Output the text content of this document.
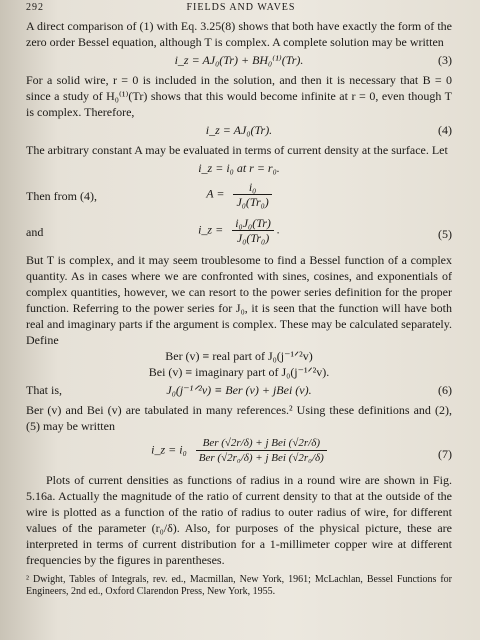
292	FIELDS AND WAVES

A direct comparison of (1) with Eq. 3.25(8) shows that both have exactly the form of the zero order Bessel equation, although T is complex. A complete solution may be written

i_z = AJ₀(Tr) + BH₀⁽¹⁾(Tr).	(3)

For a solid wire, r = 0 is included in the solution, and then it is necessary that B = 0 since a study of H₀⁽¹⁾(Tr) shows that this would become infinite at r = 0, even though T is complex. Therefore,

i_z = AJ₀(Tr).	(4)

The arbitrary constant A may be evaluated in terms of current density at the surface. Let

i_z = i₀ at r = r₀.
Then from (4),	$A = \frac{\text{i₀}}{\text{J₀(Tr₀)}}$
and	i_z = $\frac{\text{i₀J₀(Tr)}}{\text{J₀(Tr₀)}}$ .	(5)

But T is complex, and it may seem troublesome to find a Bessel function of a complex quantity. As in cases where we are confronted with sines, cosines, and exponentials of complex quantities, however, we can resort to the power series definition for the proper function. Referring to the power series for J₀, it is seen that the function will have both real and imaginary parts if the argument is complex. These may be calculated separately. Define

Ber (v) ≡ real part of J₀(j⁻¹ᐟ²v)
Bei (v) ≡ imaginary part of J₀(j⁻¹ᐟ²v).
That is,	J₀(j⁻¹ᐟ²v) ≡ Ber (v) + jBei (v).	(6)

Ber (v) and Bei (v) are tabulated in many references.² Using these definitions and (2), (5) may be written

i_z = $i_0 \frac{\text{Ber (√2r/δ) + j Bei (√2r/δ)}}{\text{Ber (√2r₀/δ) + j Bei (√2r₀/δ)}}$	(7)

Plots of current densities as functions of radius in a round wire are shown in Fig. 5.16a. Actually the magnitude of the ratio of current density to that at the outside of the wire is plotted as a function of the ratio of radius to outer radius of wire, for different values of the parameter (r₀/δ). Also, for purposes of the physical picture, these are interpreted in terms of current distribution for a 1-millimeter copper wire at different frequencies by the figures in parentheses.

² Dwight, Tables of Integrals, rev. ed., Macmillan, New York, 1961; McLachlan, Bessel Functions for Engineers, 2nd ed., Oxford Clarendon Press, New York, 1955.
